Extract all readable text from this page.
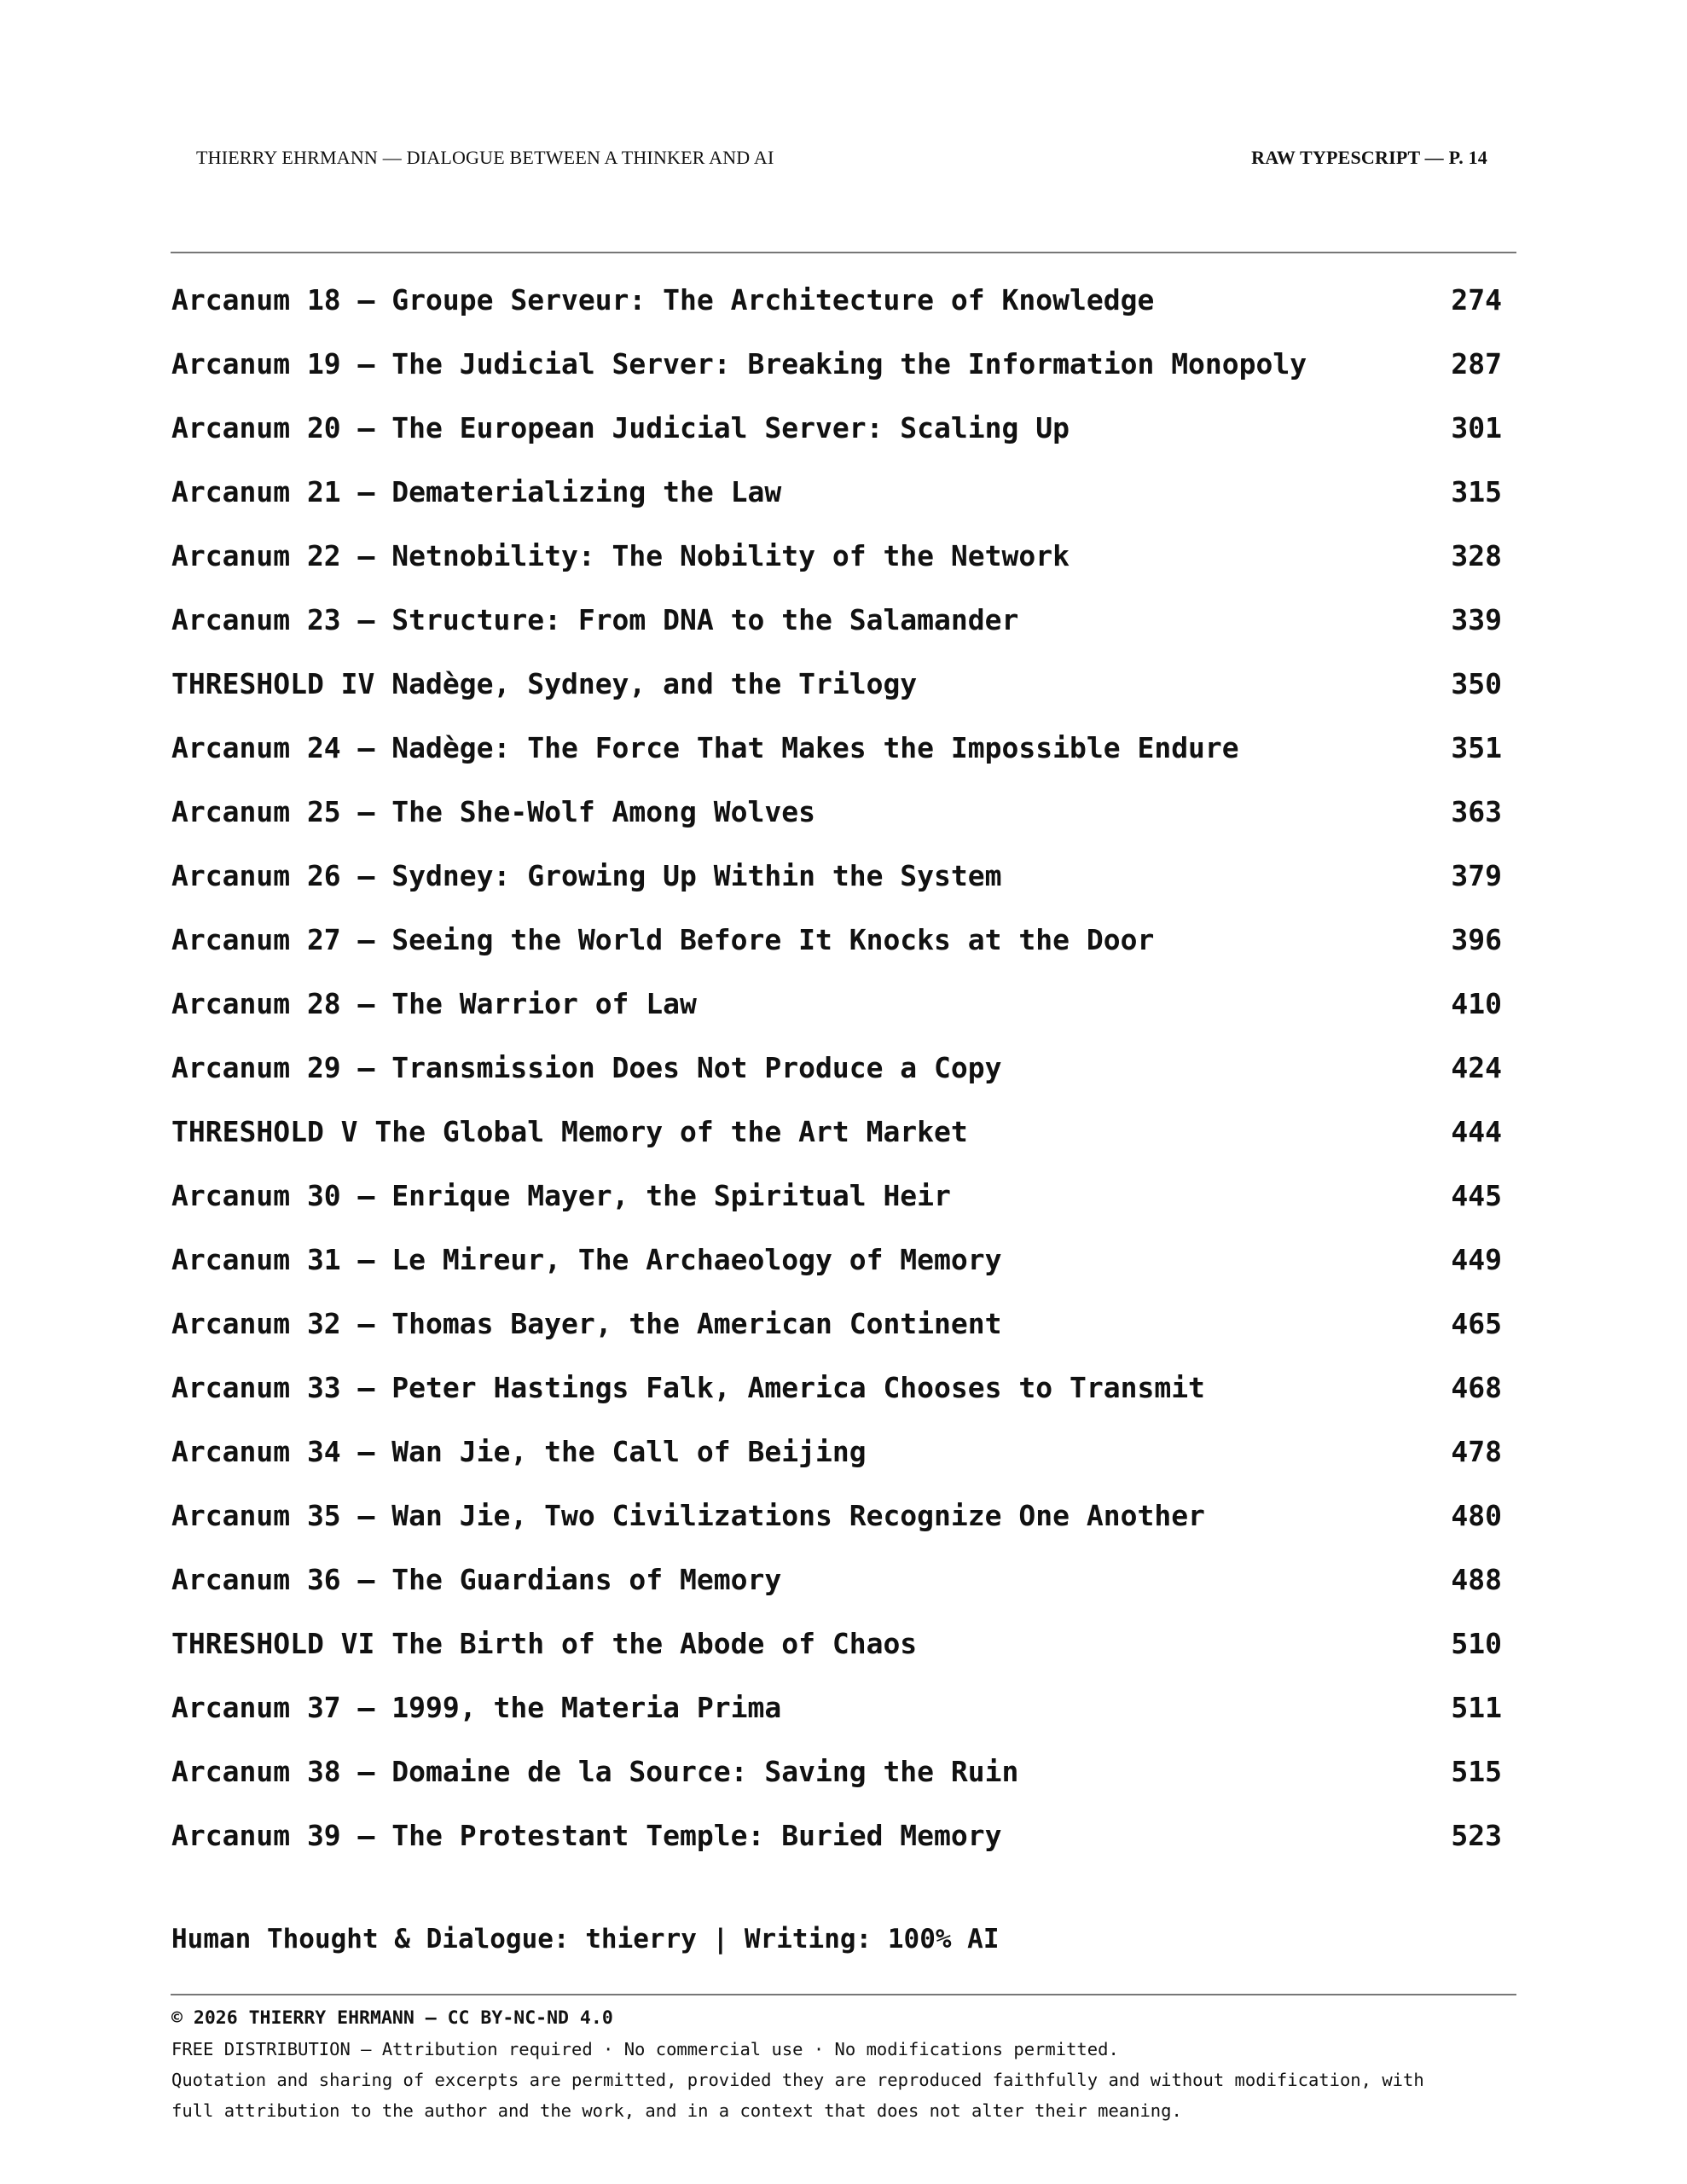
THIERRY EHRMANN — DIALOGUE BETWEEN A THINKER AND AI	RAW TYPESCRIPT — P. 14
Arcanum 18 — Groupe Serveur: The Architecture of Knowledge	274
Arcanum 19 — The Judicial Server: Breaking the Information Monopoly	287
Arcanum 20 — The European Judicial Server: Scaling Up	301
Arcanum 21 — Dematerializing the Law	315
Arcanum 22 — Netnobility: The Nobility of the Network	328
Arcanum 23 — Structure: From DNA to the Salamander	339
THRESHOLD IV Nadège, Sydney, and the Trilogy	350
Arcanum 24 — Nadège: The Force That Makes the Impossible Endure	351
Arcanum 25 — The She-Wolf Among Wolves	363
Arcanum 26 — Sydney: Growing Up Within the System	379
Arcanum 27 — Seeing the World Before It Knocks at the Door	396
Arcanum 28 — The Warrior of Law	410
Arcanum 29 — Transmission Does Not Produce a Copy	424
THRESHOLD V The Global Memory of the Art Market	444
Arcanum 30 — Enrique Mayer, the Spiritual Heir	445
Arcanum 31 — Le Mireur, The Archaeology of Memory	449
Arcanum 32 — Thomas Bayer, the American Continent	465
Arcanum 33 — Peter Hastings Falk, America Chooses to Transmit	468
Arcanum 34 — Wan Jie, the Call of Beijing	478
Arcanum 35 — Wan Jie, Two Civilizations Recognize One Another	480
Arcanum 36 — The Guardians of Memory	488
THRESHOLD VI The Birth of the Abode of Chaos	510
Arcanum 37 — 1999, the Materia Prima	511
Arcanum 38 — Domaine de la Source: Saving the Ruin	515
Arcanum 39 — The Protestant Temple: Buried Memory	523
Human Thought & Dialogue: thierry | Writing: 100% AI
© 2026 THIERRY EHRMANN — CC BY-NC-ND 4.0
FREE DISTRIBUTION — Attribution required · No commercial use · No modifications permitted.
Quotation and sharing of excerpts are permitted, provided they are reproduced faithfully and without modification, with
full attribution to the author and the work, and in a context that does not alter their meaning.
